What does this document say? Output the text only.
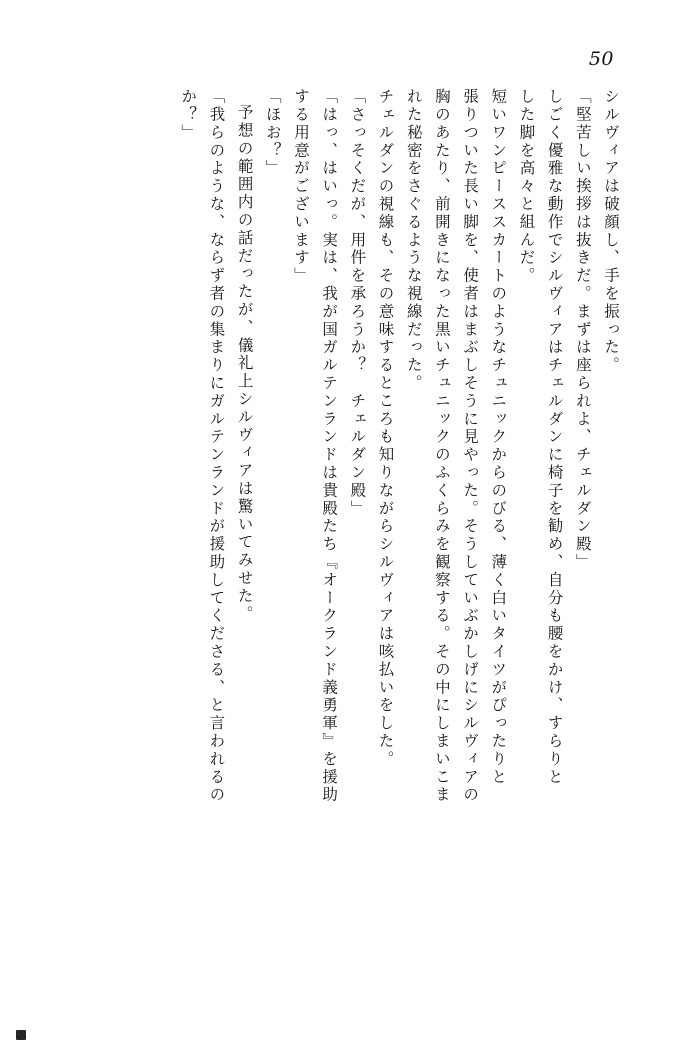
50
シルヴィアは破顔し、手を振った。
「堅苦しい挨拶は抜きだ。まずは座られよ、チェルダン殿」
しごく優雅な動作でシルヴィアはチェルダンに椅子を勧め、自分も腰をかけ、すらりと
した脚を高々と組んだ。
短いワンピーススカートのようなチュニックからのびる、薄く白いタイツがぴったりと
張りついた長い脚を、使者はまぶしそうに見やった。そうしていぶかしげにシルヴィアの
胸のあたり、前開きになった黒いチュニックのふくらみを観察する。その中にしまいこま
れた秘密をさぐるような視線だった。
チェルダンの視線も、その意味するところも知りながらシルヴィアは咳払いをした。
「さっそくだが、用件を承ろうか？　チェルダン殿」
「はっ、はいっ。実は、我が国ガルテンランドは貴殿たち『オークランド義勇軍』を援助
する用意がございます」
「ほお？」
予想の範囲内の話だったが、儀礼上シルヴィアは驚いてみせた。
「我らのような、ならず者の集まりにガルテンランドが援助してくださる、と言われるの
か？」
